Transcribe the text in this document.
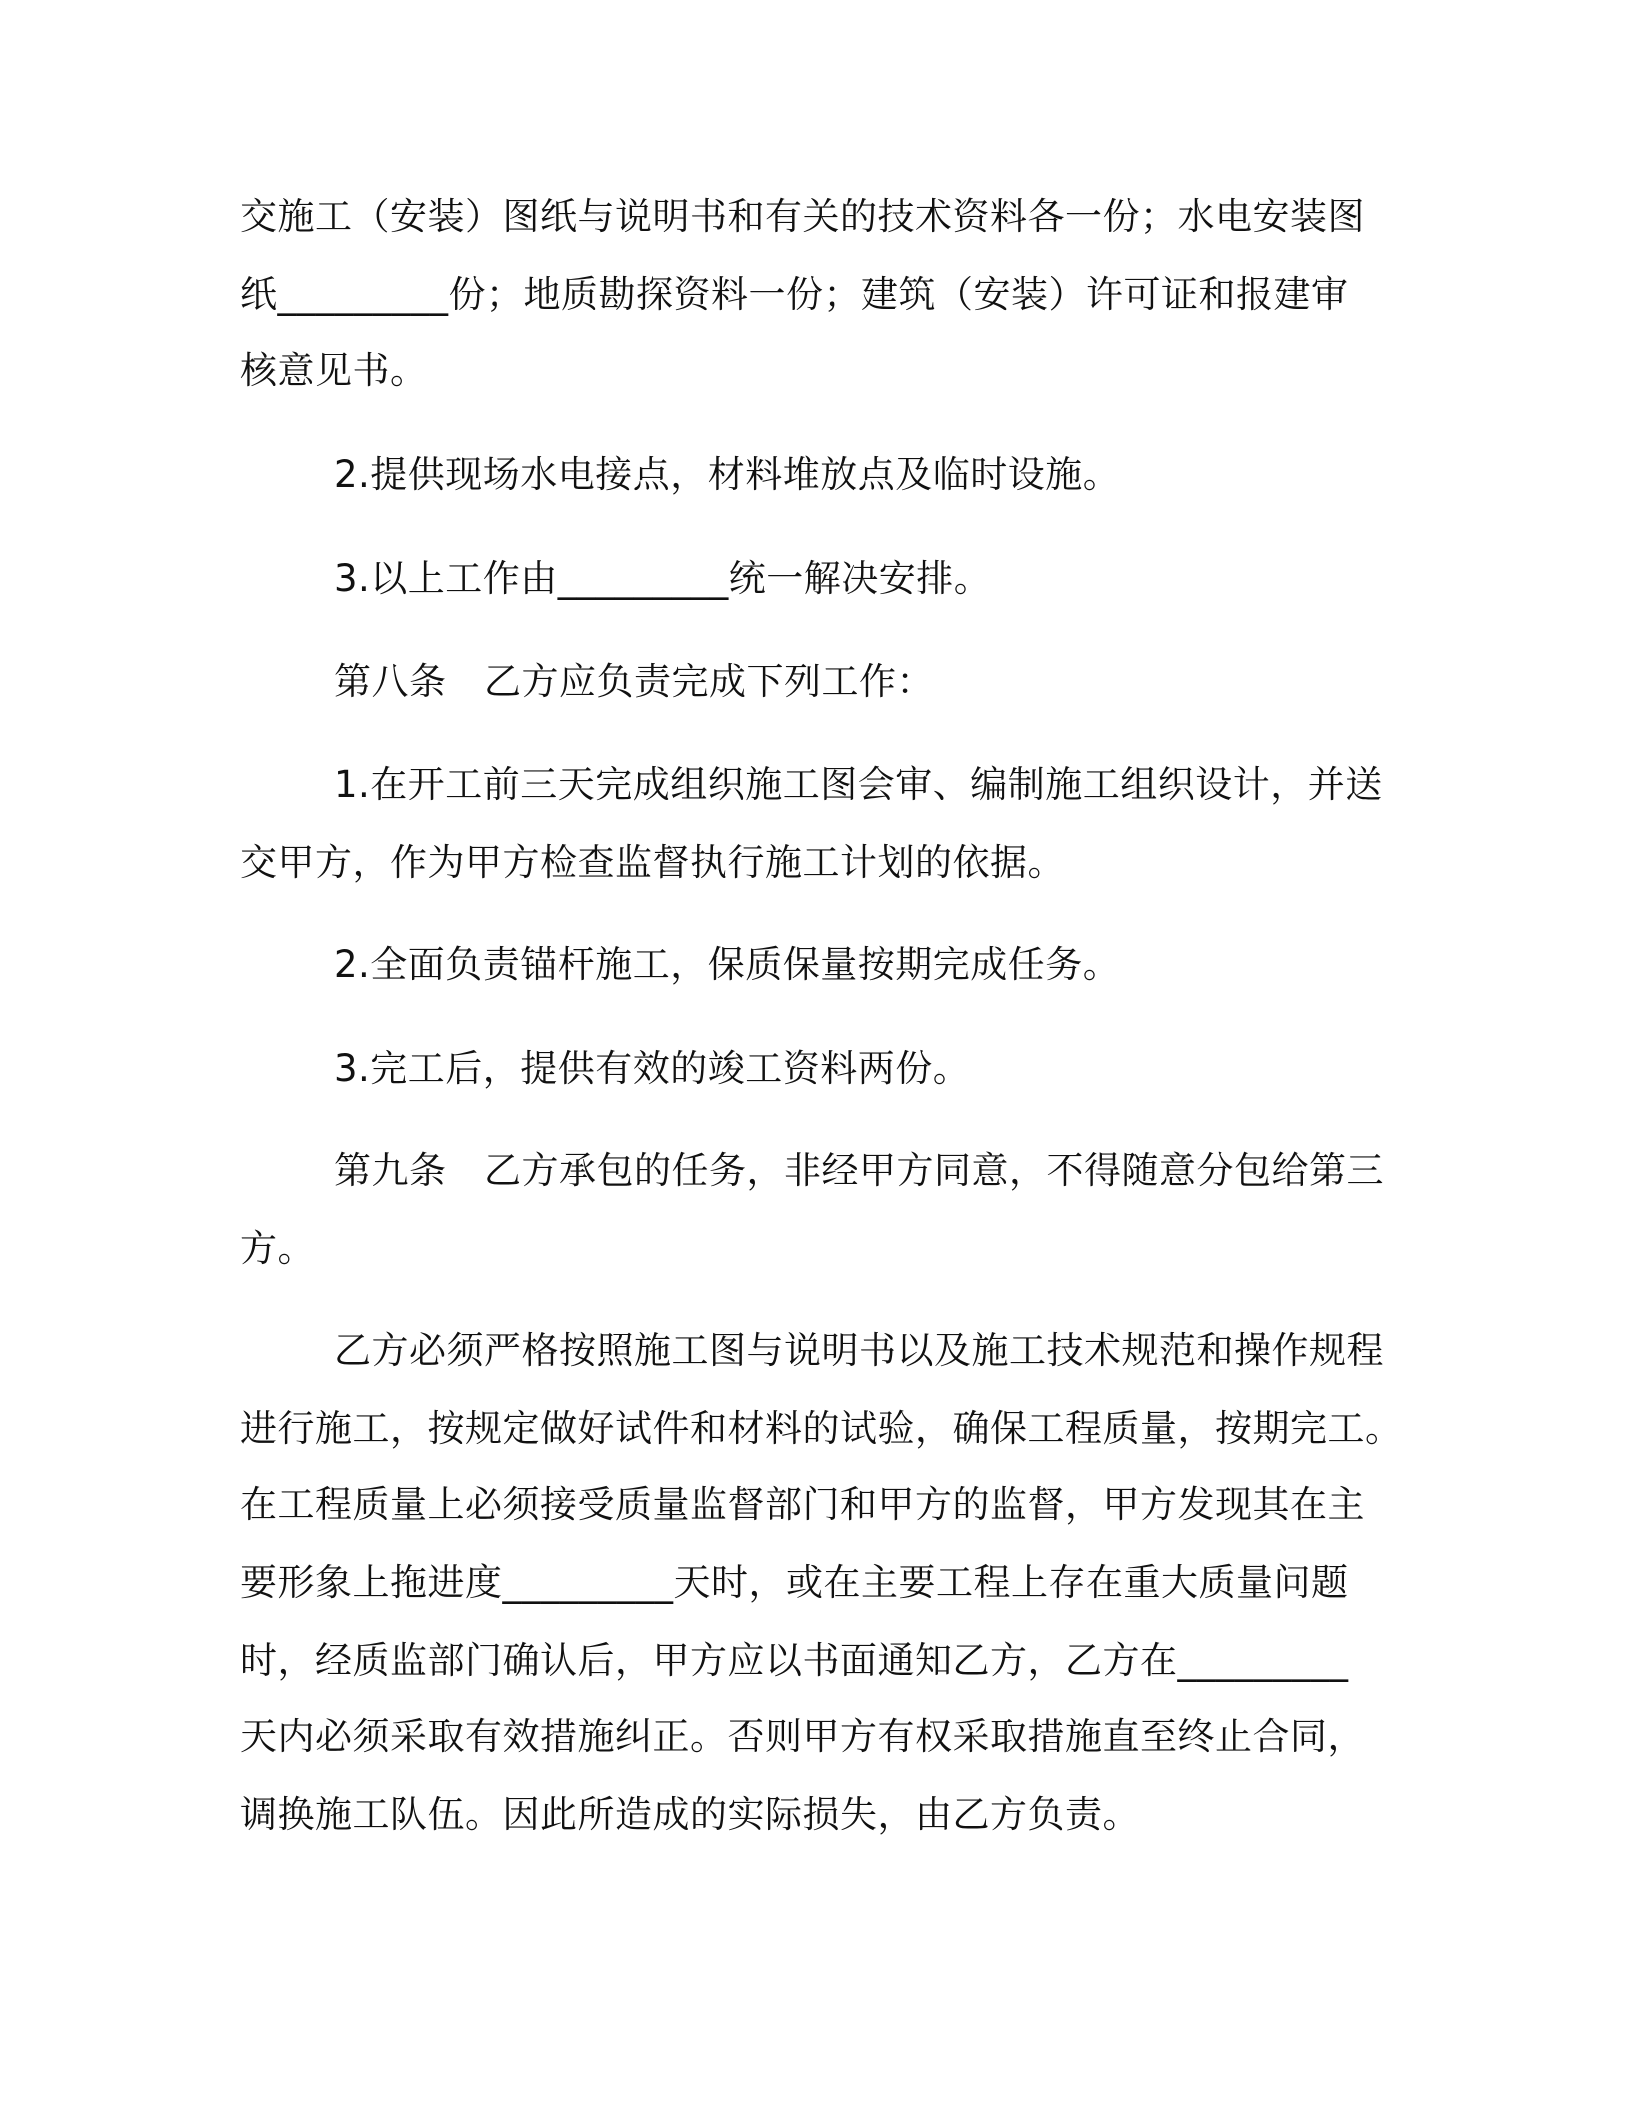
交施工（安装）图纸与说明书和有关的技术资料各一份；水电安装图
纸_________份；地质勘探资料一份；建筑（安装）许可证和报建审
核意见书。
2.提供现场水电接点，材料堆放点及临时设施。
3.以上工作由_________统一解决安排。
第八条　乙方应负责完成下列工作：
1.在开工前三天完成组织施工图会审、编制施工组织设计，并送
交甲方，作为甲方检查监督执行施工计划的依据。
2.全面负责锚杆施工，保质保量按期完成任务。
3.完工后，提供有效的竣工资料两份。
第九条　乙方承包的任务，非经甲方同意，不得随意分包给第三
方。
乙方必须严格按照施工图与说明书以及施工技术规范和操作规程
进行施工，按规定做好试件和材料的试验，确保工程质量，按期完工。
在工程质量上必须接受质量监督部门和甲方的监督，甲方发现其在主
要形象上拖进度_________天时，或在主要工程上存在重大质量问题
时，经质监部门确认后，甲方应以书面通知乙方，乙方在_________
天内必须采取有效措施纠正。否则甲方有权采取措施直至终止合同，
调换施工队伍。因此所造成的实际损失，由乙方负责。
